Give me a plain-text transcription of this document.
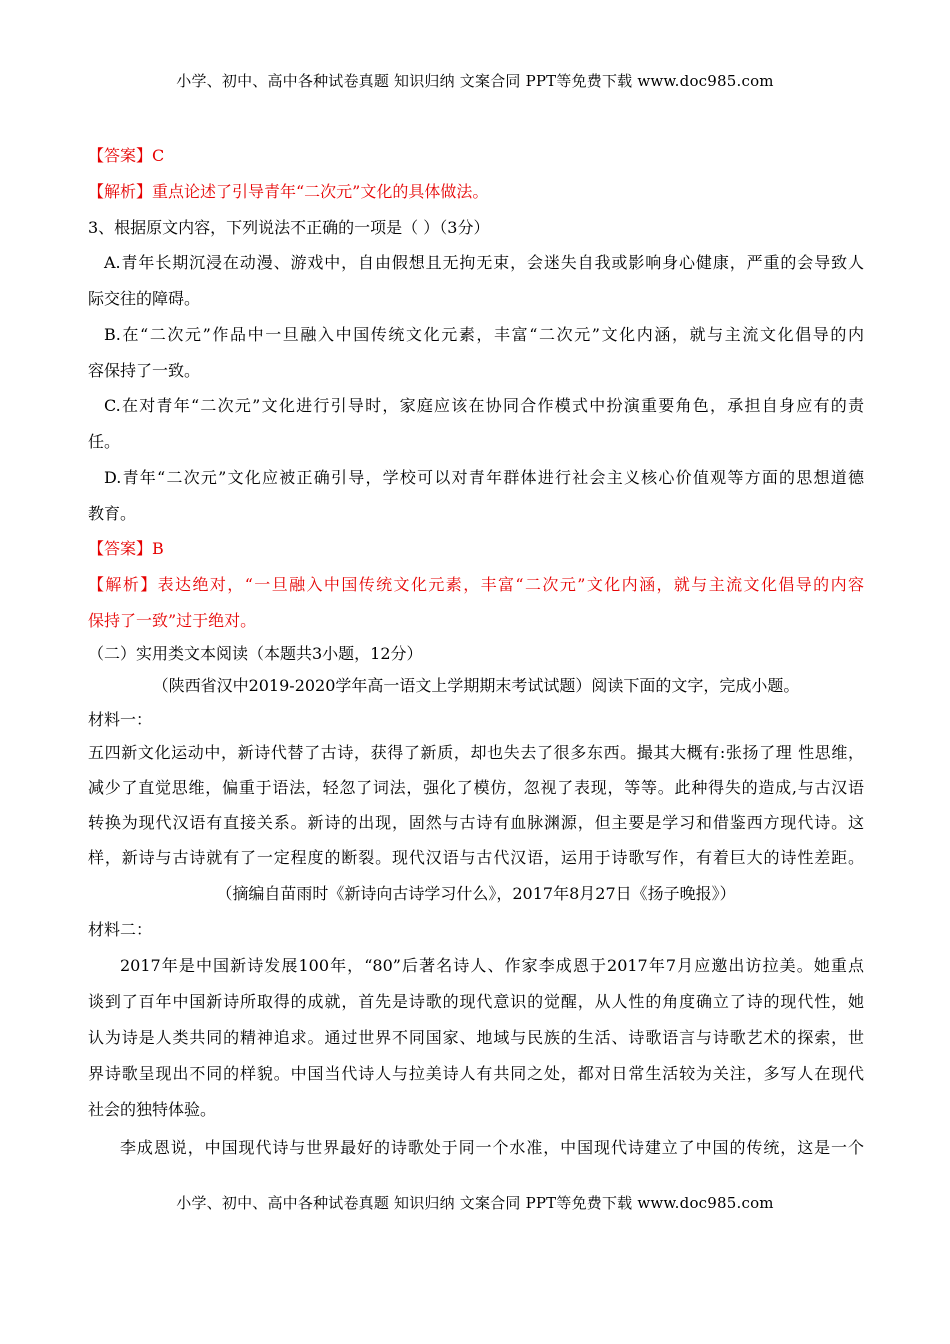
小学、初中、高中各种试卷真题 知识归纳 文案合同 PPT等免费下载 www.doc985.com
【答案】C
【解析】重点论述了引导青年“二次元”文化的具体做法。
3、根据原文内容，下列说法不正确的一项是（ ）（3分）
A.青年长期沉浸在动漫、游戏中，自由假想且无拘无束，会迷失自我或影响身心健康，严重的会导致人
际交往的障碍。
B.在“二次元”作品中一旦融入中国传统文化元素，丰富“二次元”文化内涵，就与主流文化倡导的内
容保持了一致。
C.在对青年“二次元”文化进行引导时，家庭应该在协同合作模式中扮演重要角色，承担自身应有的责
任。
D.青年“二次元”文化应被正确引导，学校可以对青年群体进行社会主义核心价值观等方面的思想道德
教育。
【答案】B
【解析】表达绝对，“一旦融入中国传统文化元素，丰富“二次元”文化内涵，就与主流文化倡导的内容
保持了一致”过于绝对。
（二）实用类文本阅读（本题共3小题，12分）
（陕西省汉中2019-2020学年高一语文上学期期末考试试题）阅读下面的文字，完成小题。
材料一：
五四新文化运动中，新诗代替了古诗，获得了新质，却也失去了很多东西。撮其大概有:张扬了理 性思维，
减少了直觉思维，偏重于语法，轻忽了词法，强化了模仿，忽视了表现，等等。此种得失的造成,与古汉语
转换为现代汉语有直接关系。新诗的出现，固然与古诗有血脉渊源，但主要是学习和借鉴西方现代诗。这
样，新诗与古诗就有了一定程度的断裂。现代汉语与古代汉语，运用于诗歌写作，有着巨大的诗性差距。
（摘编自苗雨时《新诗向古诗学习什么》，2017年8月27日《扬子晚报》）
材料二：
2017年是中国新诗发展100年，“80”后著名诗人、作家李成恩于2017年7月应邀出访拉美。她重点
谈到了百年中国新诗所取得的成就，首先是诗歌的现代意识的觉醒，从人性的角度确立了诗的现代性，她
认为诗是人类共同的精神追求。通过世界不同国家、地域与民族的生活、诗歌语言与诗歌艺术的探索，世
界诗歌呈现出不同的样貌。中国当代诗人与拉美诗人有共同之处，都对日常生活较为关注，多写人在现代
社会的独特体验。
李成恩说，中国现代诗与世界最好的诗歌处于同一个水准，中国现代诗建立了中国的传统，这是一个
小学、初中、高中各种试卷真题 知识归纳 文案合同 PPT等免费下载 www.doc985.com
